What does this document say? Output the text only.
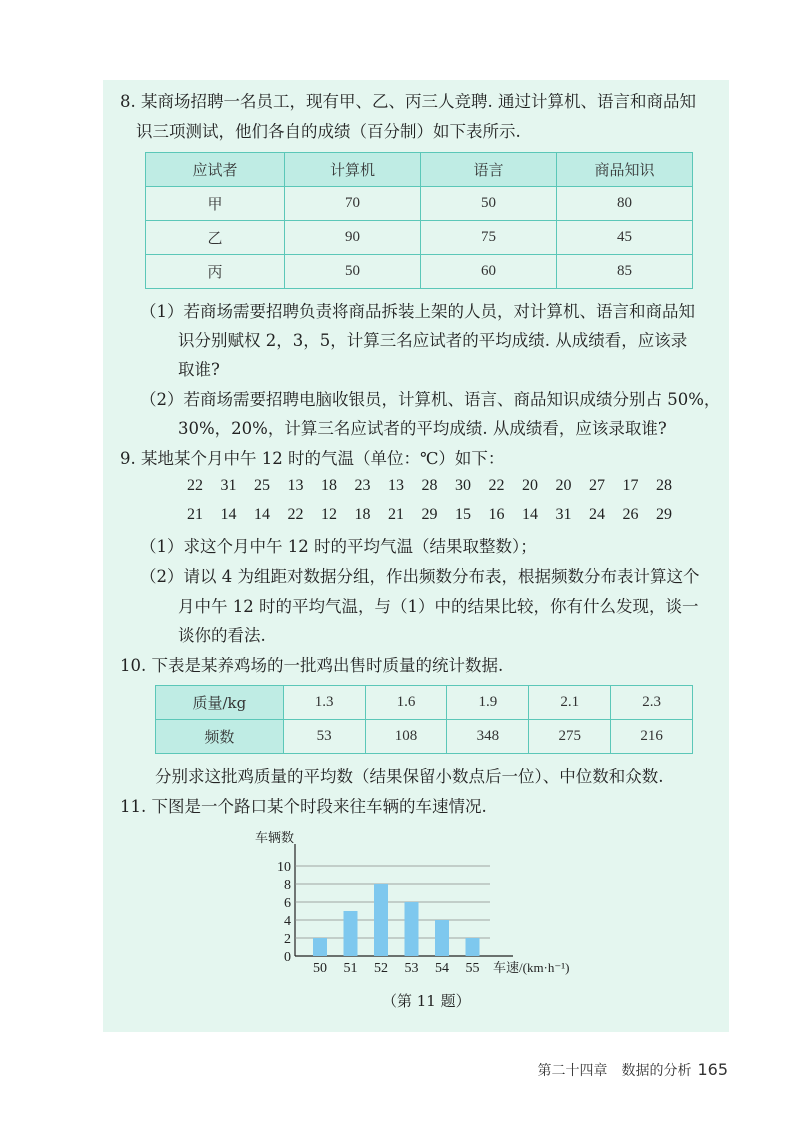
8. 某商场招聘一名员工，现有甲、乙、丙三人竞聘. 通过计算机、语言和商品知
识三项测试，他们各自的成绩（百分制）如下表所示.
应试者	计算机	语言	商品知识
甲	70	50	80
乙	90	75	45
丙	50	60	85
（1）若商场需要招聘负责将商品拆装上架的人员，对计算机、语言和商品知
识分别赋权 2，3，5，计算三名应试者的平均成绩. 从成绩看，应该录
取谁?
（2）若商场需要招聘电脑收银员，计算机、语言、商品知识成绩分别占 50%，
30%，20%，计算三名应试者的平均成绩. 从成绩看，应该录取谁?
9. 某地某个月中午 12 时的气温（单位：℃）如下：
22	31	25	13	18	23	13	28	30	22	20	20	27	17	28
21	14	14	22	12	18	21	29	15	16	14	31	24	26	29
（1）求这个月中午 12 时的平均气温（结果取整数）；
（2）请以 4 为组距对数据分组，作出频数分布表，根据频数分布表计算这个
月中午 12 时的平均气温，与（1）中的结果比较，你有什么发现，谈一
谈你的看法.
10. 下表是某养鸡场的一批鸡出售时质量的统计数据.
质量/kg	1.3	1.6	1.9	2.1	2.3
频数	53	108	348	275	216
分别求这批鸡质量的平均数（结果保留小数点后一位）、中位数和众数.
11. 下图是一个路口某个时段来往车辆的车速情况.
车辆数
车速/(km·h⁻¹)
0
2
4
6
8
10
50 51 52 53 54 55
（第 11 题）
第二十四章　数据的分析 165
